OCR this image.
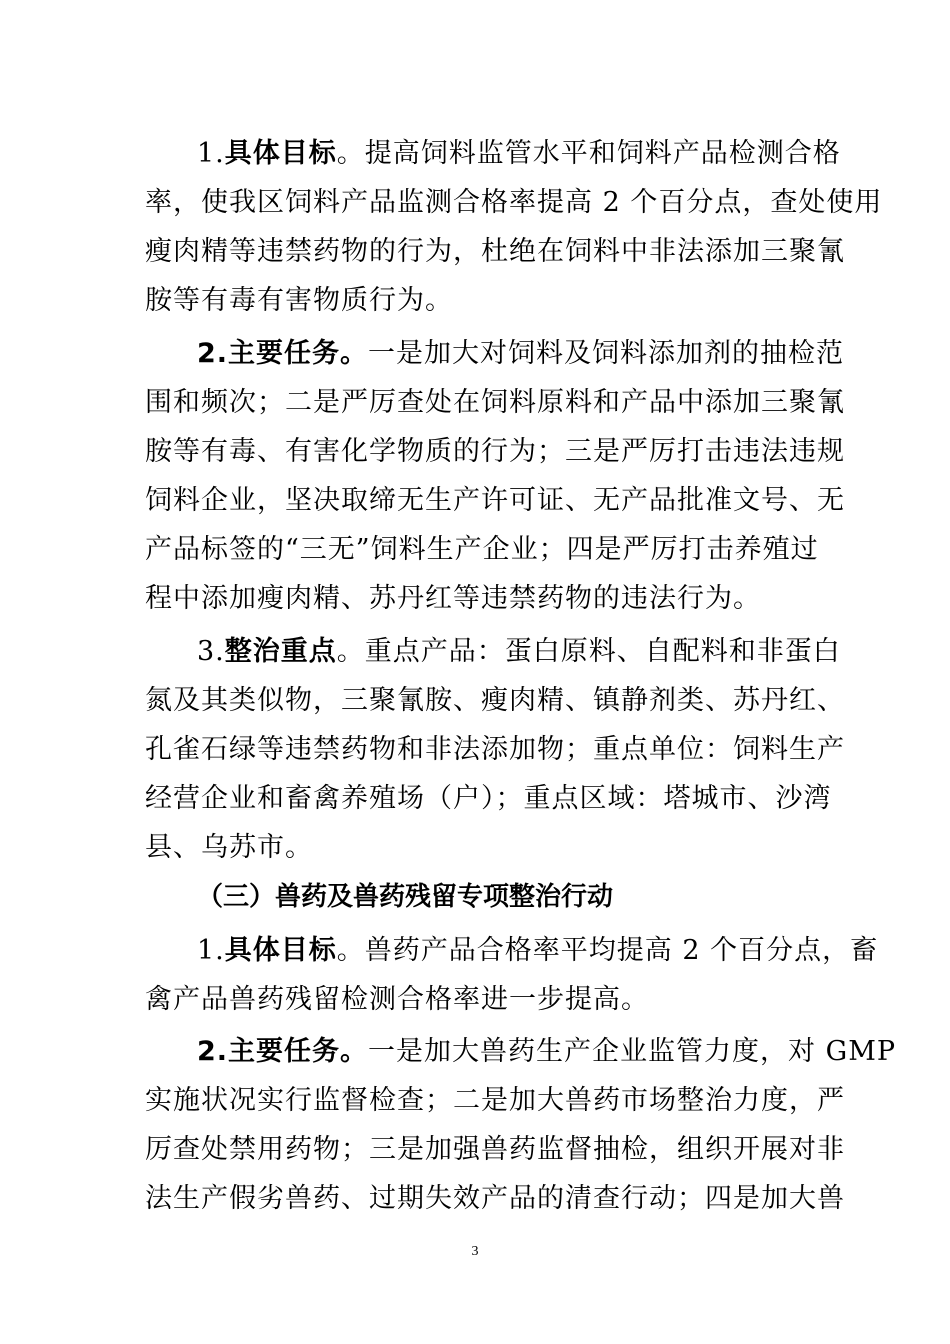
1.具体目标。提高饲料监管水平和饲料产品检测合格
率，使我区饲料产品监测合格率提高 2 个百分点，查处使用
瘦肉精等违禁药物的行为，杜绝在饲料中非法添加三聚氰
胺等有毒有害物质行为。
2.主要任务。一是加大对饲料及饲料添加剂的抽检范
围和频次；二是严厉查处在饲料原料和产品中添加三聚氰
胺等有毒、有害化学物质的行为；三是严厉打击违法违规
饲料企业，坚决取缔无生产许可证、无产品批准文号、无
产品标签的“三无”饲料生产企业；四是严厉打击养殖过
程中添加瘦肉精、苏丹红等违禁药物的违法行为。
3.整治重点。重点产品：蛋白原料、自配料和非蛋白
氮及其类似物，三聚氰胺、瘦肉精、镇静剂类、苏丹红、
孔雀石绿等违禁药物和非法添加物；重点单位：饲料生产
经营企业和畜禽养殖场（户）；重点区域：塔城市、沙湾
县、乌苏市。
（三）兽药及兽药残留专项整治行动
1.具体目标。兽药产品合格率平均提高 2 个百分点，畜
禽产品兽药残留检测合格率进一步提高。
2.主要任务。一是加大兽药生产企业监管力度，对 GMP
实施状况实行监督检查；二是加大兽药市场整治力度，严
厉查处禁用药物；三是加强兽药监督抽检，组织开展对非
法生产假劣兽药、过期失效产品的清查行动；四是加大兽
3
